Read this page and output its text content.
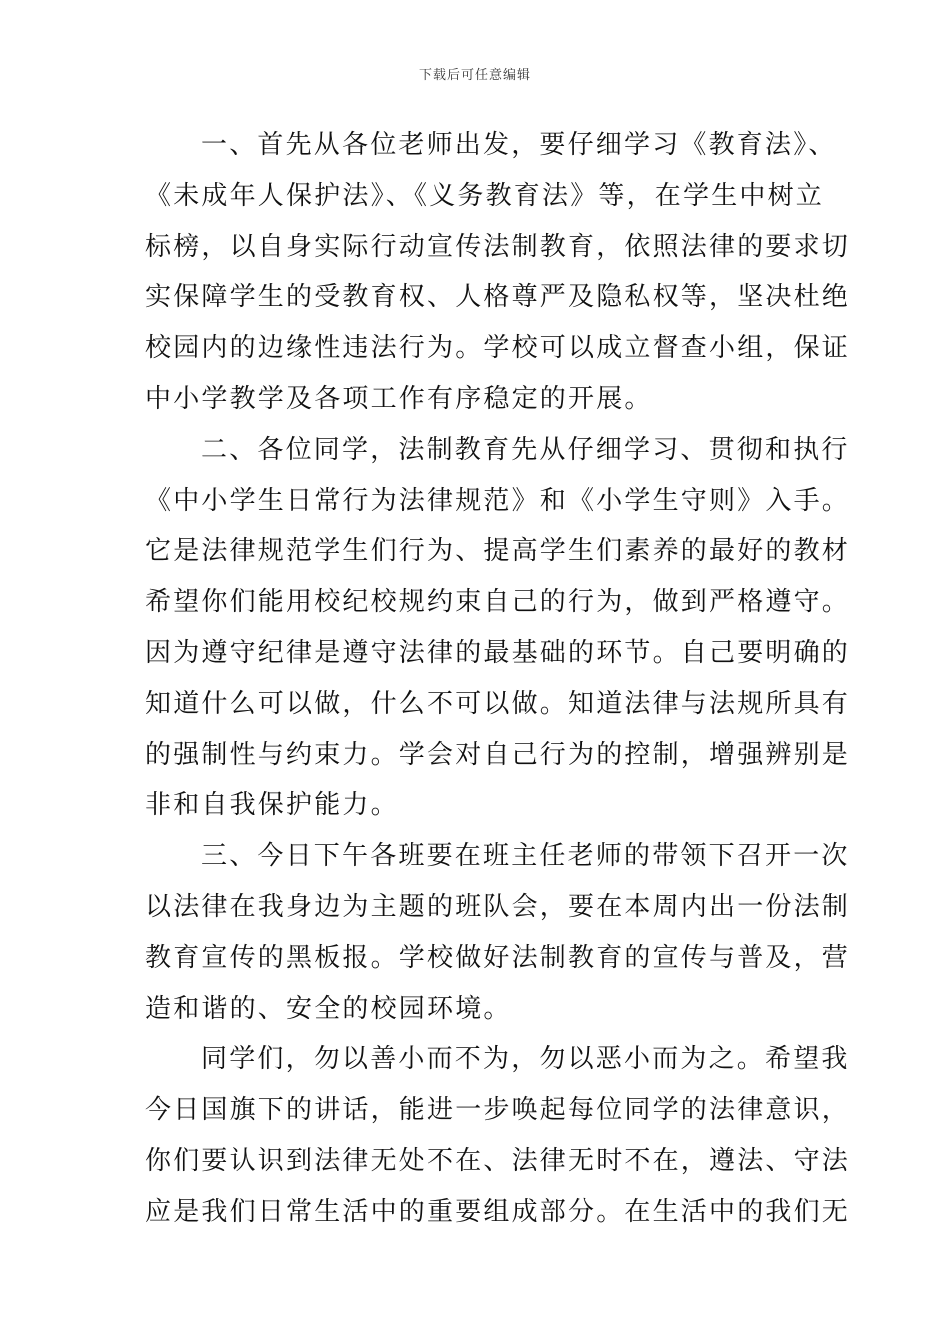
下载后可任意编辑

一、首先从各位老师出发，要仔细学习《教育法》、
《未成年人保护法》、《义务教育法》等，在学生中树立
标榜，以自身实际行动宣传法制教育，依照法律的要求切
实保障学生的受教育权、人格尊严及隐私权等，坚决杜绝
校园内的边缘性违法行为。学校可以成立督查小组，保证
中小学教学及各项工作有序稳定的开展。

二、各位同学，法制教育先从仔细学习、贯彻和执行
《中小学生日常行为法律规范》和《小学生守则》入手。
它是法律规范学生们行为、提高学生们素养的最好的教材
希望你们能用校纪校规约束自己的行为，做到严格遵守。
因为遵守纪律是遵守法律的最基础的环节。自己要明确的
知道什么可以做，什么不可以做。知道法律与法规所具有
的强制性与约束力。学会对自己行为的控制，增强辨别是
非和自我保护能力。

三、今日下午各班要在班主任老师的带领下召开一次
以法律在我身边为主题的班队会，要在本周内出一份法制
教育宣传的黑板报。学校做好法制教育的宣传与普及，营
造和谐的、安全的校园环境。

同学们，勿以善小而不为，勿以恶小而为之。希望我
今日国旗下的讲话，能进一步唤起每位同学的法律意识，
你们要认识到法律无处不在、法律无时不在，遵法、守法
应是我们日常生活中的重要组成部分。在生活中的我们无
